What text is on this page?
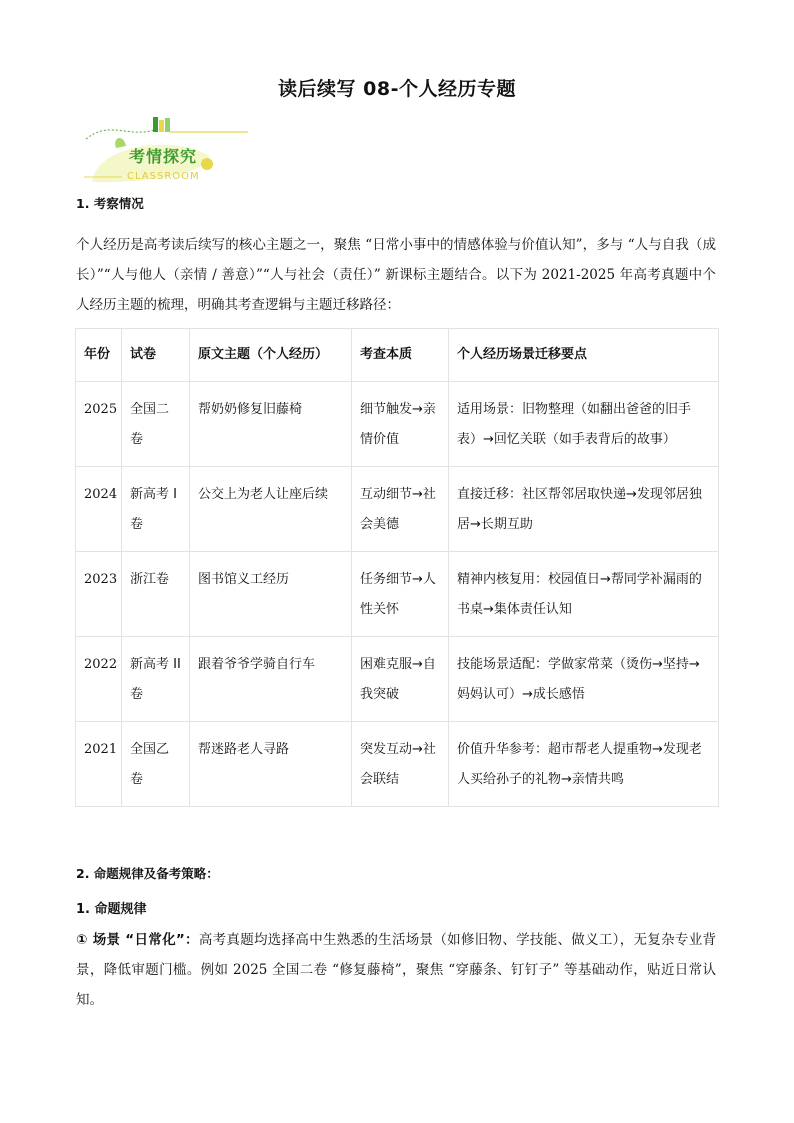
读后续写 08-个人经历专题
考情探究
CLASSROOM
1. 考察情况

个人经历是高考读后续写的核心主题之一，聚焦 “日常小事中的情感体验与价值认知”，多与 “人与自我（成长）”“人与他人（亲情 / 善意）”“人与社会（责任）” 新课标主题结合。以下为 2021-2025 年高考真题中个人经历主题的梳理，明确其考查逻辑与主题迁移路径：

年份	试卷	原文主题（个人经历）	考查本质	个人经历场景迁移要点
2025	全国二卷	帮奶奶修复旧藤椅	细节触发→亲情价值	适用场景：旧物整理（如翻出爸爸的旧手表）→回忆关联（如手表背后的故事）
2024	新高考 I 卷	公交上为老人让座后续	互动细节→社会美德	直接迁移：社区帮邻居取快递→发现邻居独居→长期互助
2023	浙江卷	图书馆义工经历	任务细节→人性关怀	精神内核复用：校园值日→帮同学补漏雨的书桌→集体责任认知
2022	新高考 II 卷	跟着爷爷学骑自行车	困难克服→自我突破	技能场景适配：学做家常菜（烫伤→坚持→妈妈认可）→成长感悟
2021	全国乙卷	帮迷路老人寻路	突发互动→社会联结	价值升华参考：超市帮老人提重物→发现老人买给孙子的礼物→亲情共鸣
2. 命题规律及备考策略：
1. 命题规律
① 场景 “日常化”：高考真题均选择高中生熟悉的生活场景（如修旧物、学技能、做义工），无复杂专业背景，降低审题门槛。例如 2025 全国二卷 “修复藤椅”，聚焦 “穿藤条、钉钉子” 等基础动作，贴近日常认知。
